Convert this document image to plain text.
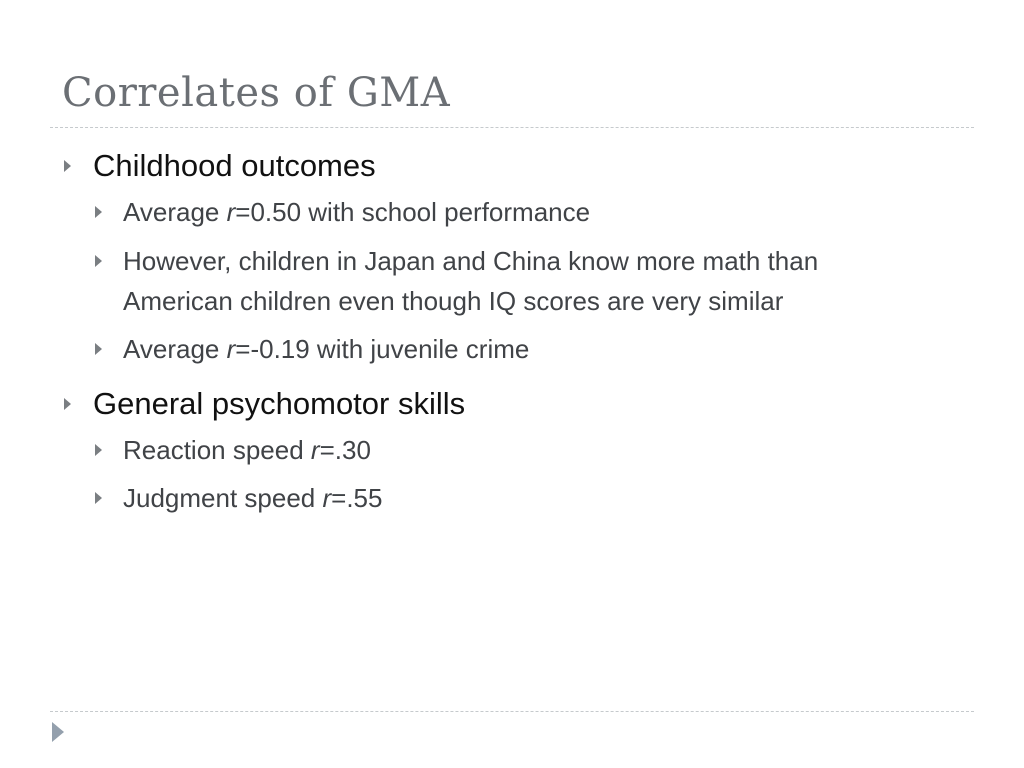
Correlates of GMA
Childhood outcomes
Average r=0.50 with school performance
However, children in Japan and China know more math than
American children even though IQ scores are very similar
Average r=-0.19 with juvenile crime
General psychomotor skills
Reaction speed r=.30
Judgment speed r=.55
